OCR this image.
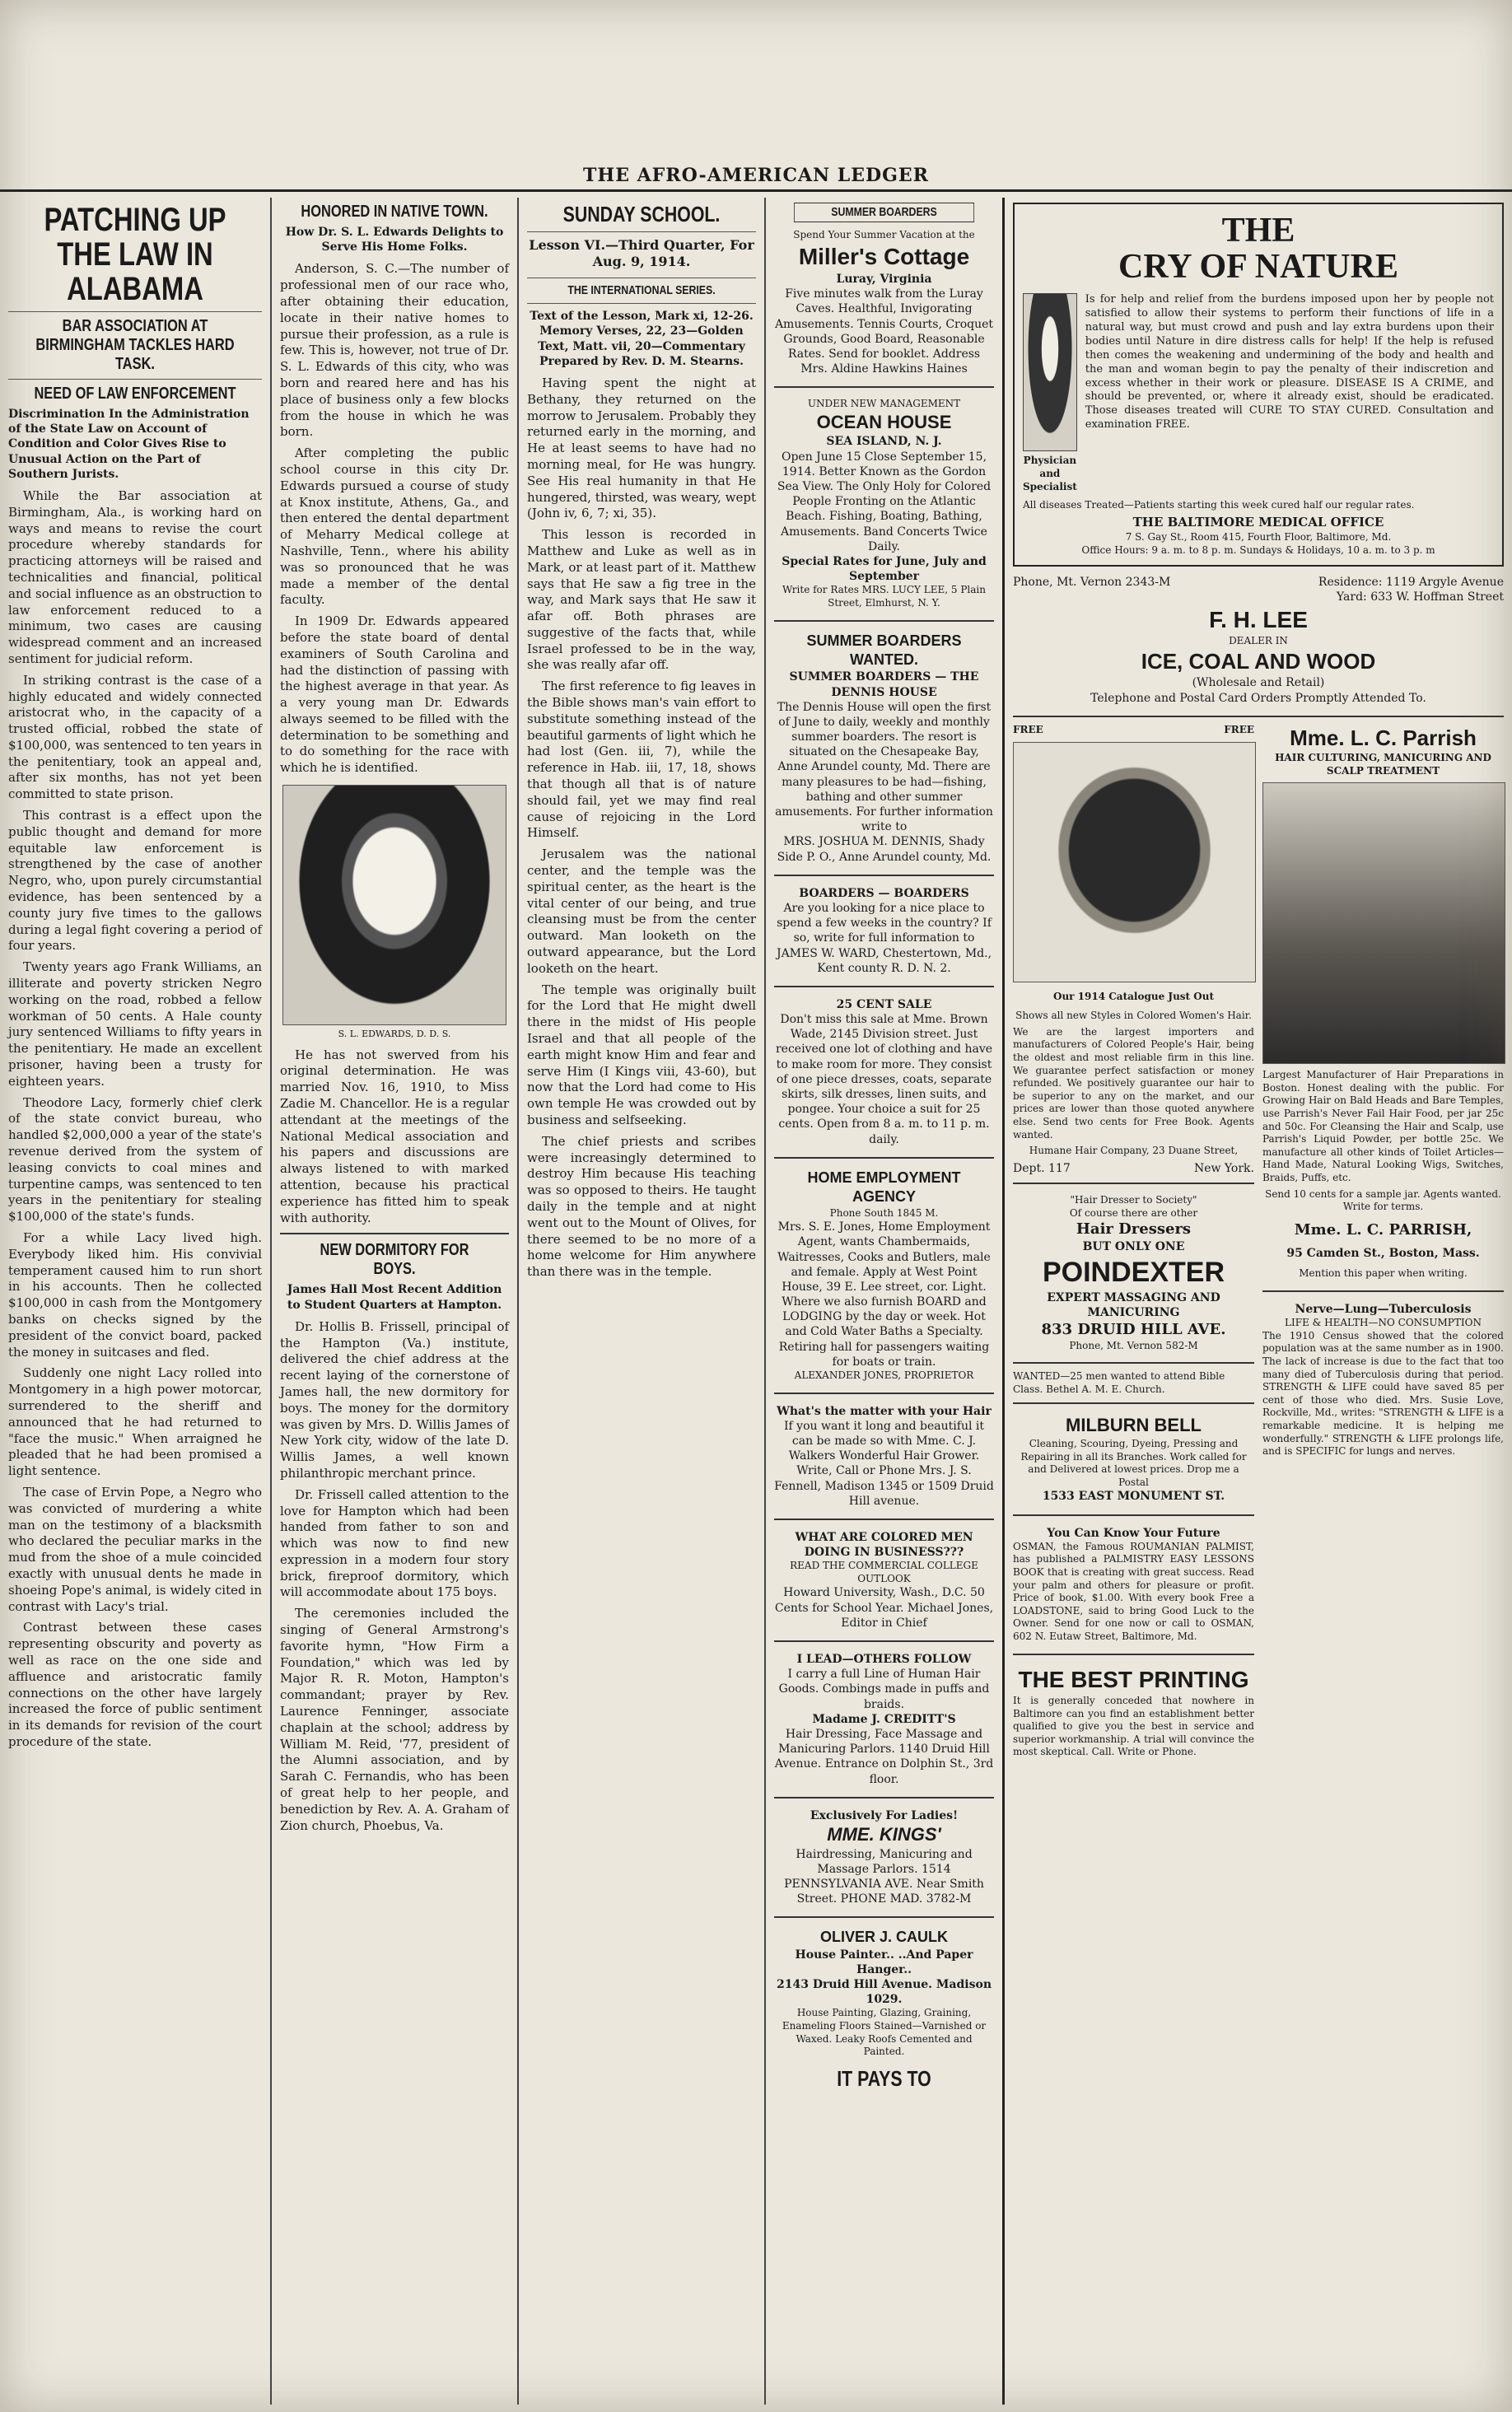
THE AFRO-AMERICAN LEDGER
PATCHING UP THE LAW IN ALABAMA
BAR ASSOCIATION AT BIRMINGHAM TACKLES HARD TASK.
NEED OF LAW ENFORCEMENT
Discrimination In the Administration of the State Law on Account of Condition and Color Gives Rise to Unusual Action on the Part of Southern Jurists.

While the Bar association at Birmingham, Ala., is working hard on ways and means to revise the court procedure whereby standards for practicing attorneys will be raised and technicalities and financial, political and social influence as an obstruction to law enforcement reduced to a minimum, two cases are causing widespread comment and an increased sentiment for judicial reform.

In striking contrast is the case of a highly educated and widely connected aristocrat who, in the capacity of a trusted official, robbed the state of $100,000, was sentenced to ten years in the penitentiary, took an appeal and, after six months, has not yet been committed to state prison.

This contrast is a effect upon the public thought and demand for more equitable law enforcement is strengthened by the case of another Negro, who, upon purely circumstantial evidence, has been sentenced by a county jury five times to the gallows during a legal fight covering a period of four years.

Twenty years ago Frank Williams, an illiterate and poverty stricken Negro working on the road, robbed a fellow workman of 50 cents. A Hale county jury sentenced Williams to fifty years in the penitentiary. He made an excellent prisoner, having been a trusty for eighteen years.

Theodore Lacy, formerly chief clerk of the state convict bureau, who handled $2,000,000 a year of the state's revenue derived from the system of leasing convicts to coal mines and turpentine camps, was sentenced to ten years in the penitentiary for stealing $100,000 of the state's funds.

For a while Lacy lived high. Everybody liked him. His convivial temperament caused him to run short in his accounts. Then he collected $100,000 in cash from the Montgomery banks on checks signed by the president of the convict board, packed the money in suitcases and fled.

Suddenly one night Lacy rolled into Montgomery in a high power motorcar, surrendered to the sheriff and announced that he had returned to "face the music." When arraigned he pleaded that he had been promised a light sentence.

The case of Ervin Pope, a Negro who was convicted of murdering a white man on the testimony of a blacksmith who declared the peculiar marks in the mud from the shoe of a mule coincided exactly with unusual dents he made in shoeing Pope's animal, is widely cited in contrast with Lacy's trial.

Contrast between these cases representing obscurity and poverty as well as race on the one side and affluence and aristocratic family connections on the other have largely increased the force of public sentiment in its demands for revision of the court procedure of the state.

HONORED IN NATIVE TOWN.
How Dr. S. L. Edwards Delights to Serve His Home Folks.

Anderson, S. C.—The number of professional men of our race who, after obtaining their education, locate in their native homes to pursue their profession, as a rule is few. This is, however, not true of Dr. S. L. Edwards of this city, who was born and reared here and has his place of business only a few blocks from the house in which he was born.

After completing the public school course in this city Dr. Edwards pursued a course of study at Knox institute, Athens, Ga., and then entered the dental department of Meharry Medical college at Nashville, Tenn., where his ability was so pronounced that he was made a member of the dental faculty.

In 1909 Dr. Edwards appeared before the state board of dental examiners of South Carolina and had the distinction of passing with the highest average in that year. As a very young man Dr. Edwards always seemed to be filled with the determination to be something and to do something for the race with which he is identified.

S. L. EDWARDS, D. D. S.

He has not swerved from his original determination. He was married Nov. 16, 1910, to Miss Zadie M. Chancellor. He is a regular attendant at the meetings of the National Medical association and his papers and discussions are always listened to with marked attention, because his practical experience has fitted him to speak with authority.

NEW DORMITORY FOR BOYS.
James Hall Most Recent Addition to Student Quarters at Hampton.

Dr. Hollis B. Frissell, principal of the Hampton (Va.) institute, delivered the chief address at the recent laying of the cornerstone of James hall, the new dormitory for boys. The money for the dormitory was given by Mrs. D. Willis James of New York city, widow of the late D. Willis James, a well known philanthropic merchant prince.

Dr. Frissell called attention to the love for Hampton which had been handed from father to son and which was now to find new expression in a modern four story brick, fireproof dormitory, which will accommodate about 175 boys.

The ceremonies included the singing of General Armstrong's favorite hymn, "How Firm a Foundation," which was led by Major R. R. Moton, Hampton's commandant; prayer by Rev. Laurence Fenninger, associate chaplain at the school; address by William M. Reid, '77, president of the Alumni association, and by Sarah C. Fernandis, who has been of great help to her people, and benediction by Rev. A. A. Graham of Zion church, Phoebus, Va.

SUNDAY SCHOOL.
Lesson VI.—Third Quarter, For Aug. 9, 1914.
THE INTERNATIONAL SERIES.
Text of the Lesson, Mark xi, 12-26. Memory Verses, 22, 23—Golden Text, Matt. vii, 20—Commentary Prepared by Rev. D. M. Stearns.

Having spent the night at Bethany, they returned on the morrow to Jerusalem. Probably they returned early in the morning, and He at least seems to have had no morning meal, for He was hungry. See His real humanity in that He hungered, thirsted, was weary, wept (John iv, 6, 7; xi, 35).

This lesson is recorded in Matthew and Luke as well as in Mark, or at least part of it. Matthew says that He saw a fig tree in the way, and Mark says that He saw it afar off. Both phrases are suggestive of the facts that, while Israel professed to be in the way, she was really afar off.

The first reference to fig leaves in the Bible shows man's vain effort to substitute something instead of the beautiful garments of light which he had lost (Gen. iii, 7), while the reference in Hab. iii, 17, 18, shows that though all that is of nature should fail, yet we may find real cause of rejoicing in the Lord Himself.

Jerusalem was the national center, and the temple was the spiritual center, as the heart is the vital center of our being, and true cleansing must be from the center outward. Man looketh on the outward appearance, but the Lord looketh on the heart.

The temple was originally built for the Lord that He might dwell there in the midst of His people Israel and that all people of the earth might know Him and fear and serve Him (I Kings viii, 43-60), but now that the Lord had come to His own temple He was crowded out by business and selfseeking.

The chief priests and scribes were increasingly determined to destroy Him because His teaching was so opposed to theirs. He taught daily in the temple and at night went out to the Mount of Olives, for there seemed to be no more of a home welcome for Him anywhere than there was in the temple.

SUMMER BOARDERS
Spend Your Summer Vacation at the
Miller's Cottage
Luray, Virginia
Five minutes walk from the Luray Caves. Healthful, Invigorating Amusements. Tennis Courts, Croquet Grounds, Good Board, Reasonable Rates. Send for booklet. Address
Mrs. Aldine Hawkins Haines
UNDER NEW MANAGEMENT
OCEAN HOUSE
SEA ISLAND, N. J.
Open June 15 Close September 15, 1914. Better Known as the Gordon Sea View. The Only Holy for Colored People Fronting on the Atlantic Beach. Fishing, Boating, Bathing, Amusements. Band Concerts Twice Daily.
Special Rates for June, July and September
Write for Rates MRS. LUCY LEE, 5 Plain Street, Elmhurst, N. Y.
SUMMER BOARDERS WANTED.
SUMMER BOARDERS — THE DENNIS HOUSE
The Dennis House will open the first of June to daily, weekly and monthly summer boarders. The resort is situated on the Chesapeake Bay, Anne Arundel county, Md. There are many pleasures to be had—fishing, bathing and other summer amusements. For further information write to
MRS. JOSHUA M. DENNIS, Shady Side P. O., Anne Arundel county, Md.
BOARDERS — BOARDERS
Are you looking for a nice place to spend a few weeks in the country? If so, write for full information to JAMES W. WARD, Chestertown, Md., Kent county R. D. N. 2.
25 CENT SALE
Don't miss this sale at Mme. Brown Wade, 2145 Division street. Just received one lot of clothing and have to make room for more. They consist of one piece dresses, coats, separate skirts, silk dresses, linen suits, and pongee. Your choice a suit for 25 cents. Open from 8 a. m. to 11 p. m. daily.
HOME EMPLOYMENT AGENCY
Phone South 1845 M.
Mrs. S. E. Jones, Home Employment Agent, wants Chambermaids, Waitresses, Cooks and Butlers, male and female. Apply at West Point House, 39 E. Lee street, cor. Light. Where we also furnish BOARD and LODGING by the day or week. Hot and Cold Water Baths a Specialty. Retiring hall for passengers waiting for boats or train.
ALEXANDER JONES, PROPRIETOR
What's the matter with your Hair
If you want it long and beautiful it can be made so with Mme. C. J. Walkers Wonderful Hair Grower. Write, Call or Phone Mrs. J. S. Fennell, Madison 1345 or 1509 Druid Hill avenue.
WHAT ARE COLORED MEN DOING IN BUSINESS???
READ THE COMMERCIAL COLLEGE OUTLOOK
Howard University, Wash., D.C. 50 Cents for School Year. Michael Jones, Editor in Chief
I LEAD—OTHERS FOLLOW
I carry a full Line of Human Hair Goods. Combings made in puffs and braids.
Madame J. CREDITT'S
Hair Dressing, Face Massage and Manicuring Parlors. 1140 Druid Hill Avenue. Entrance on Dolphin St., 3rd floor.
Exclusively For Ladies!
MME. KINGS'
Hairdressing, Manicuring and Massage Parlors. 1514 PENNSYLVANIA AVE. Near Smith Street. PHONE MAD. 3782-M
OLIVER J. CAULK
House Painter.. ..And Paper Hanger..
2143 Druid Hill Avenue. Madison 1029.
House Painting, Glazing, Graining, Enameling Floors Stained—Varnished or Waxed. Leaky Roofs Cemented and Painted.
IT PAYS TO
THE
CRY OF NATURE
Physician and Specialist
Is for help and relief from the burdens imposed upon her by people not satisfied to allow their systems to perform their functions of life in a natural way, but must crowd and push and lay extra burdens upon their bodies until Nature in dire distress calls for help! If the help is refused then comes the weakening and undermining of the body and health and the man and woman begin to pay the penalty of their indiscretion and excess whether in their work or pleasure. DISEASE IS A CRIME, and should be prevented, or, where it already exist, should be eradicated. Those diseases treated will CURE TO STAY CURED. Consultation and examination FREE.
All diseases Treated—Patients starting this week cured half our regular rates.
THE BALTIMORE MEDICAL OFFICE
7 S. Gay St., Room 415, Fourth Floor, Baltimore, Md.
Office Hours: 9 a. m. to 8 p. m. Sundays & Holidays, 10 a. m. to 3 p. m
Phone, Mt. Vernon 2343-M	Residence: 1119 Argyle Avenue
Yard: 633 W. Hoffman Street
F. H. LEE
DEALER IN
ICE, COAL AND WOOD
(Wholesale and Retail)
Telephone and Postal Card Orders Promptly Attended To.
FREE	FREE
Our 1914 Catalogue Just Out
Shows all new Styles in Colored Women's Hair.
We are the largest importers and manufacturers of Colored People's Hair, being the oldest and most reliable firm in this line. We guarantee perfect satisfaction or money refunded. We positively guarantee our hair to be superior to any on the market, and our prices are lower than those quoted anywhere else. Send two cents for Free Book. Agents wanted.
Humane Hair Company, 23 Duane Street,
Dept. 117	New York.
"Hair Dresser to Society"
Of course there are other
Hair Dressers
BUT ONLY ONE
POINDEXTER
EXPERT MASSAGING AND MANICURING
833 DRUID HILL AVE.
Phone, Mt. Vernon 582-M
WANTED—25 men wanted to attend Bible Class. Bethel A. M. E. Church.
MILBURN BELL
Cleaning, Scouring, Dyeing, Pressing and Repairing in all its Branches. Work called for and Delivered at lowest prices. Drop me a Postal
1533 EAST MONUMENT ST.
You Can Know Your Future
OSMAN, the Famous ROUMANIAN PALMIST, has published a PALMISTRY EASY LESSONS BOOK that is creating with great success. Read your palm and others for pleasure or profit. Price of book, $1.00. With every book Free a LOADSTONE, said to bring Good Luck to the Owner. Send for one now or call to OSMAN, 602 N. Eutaw Street, Baltimore, Md.
THE BEST PRINTING
It is generally conceded that nowhere in Baltimore can you find an establishment better qualified to give you the best in service and superior workmanship. A trial will convince the most skeptical. Call. Write or Phone.
Mme. L. C. Parrish
HAIR CULTURING, MANICURING AND SCALP TREATMENT
Largest Manufacturer of Hair Preparations in Boston. Honest dealing with the public. For Growing Hair on Bald Heads and Bare Temples, use Parrish's Never Fail Hair Food, per jar 25c and 50c. For Cleansing the Hair and Scalp, use Parrish's Liquid Powder, per bottle 25c. We manufacture all other kinds of Toilet Articles—Hand Made, Natural Looking Wigs, Switches, Braids, Puffs, etc.
Send 10 cents for a sample jar. Agents wanted. Write for terms.
Mme. L. C. PARRISH,
95 Camden St., Boston, Mass.
Mention this paper when writing.
Nerve—Lung—Tuberculosis
LIFE & HEALTH—NO CONSUMPTION
The 1910 Census showed that the colored population was at the same number as in 1900. The lack of increase is due to the fact that too many died of Tuberculosis during that period. STRENGTH & LIFE could have saved 85 per cent of those who died. Mrs. Susie Love, Rockville, Md., writes: "STRENGTH & LIFE is a remarkable medicine. It is helping me wonderfully." STRENGTH & LIFE prolongs life, and is SPECIFIC for lungs and nerves.
